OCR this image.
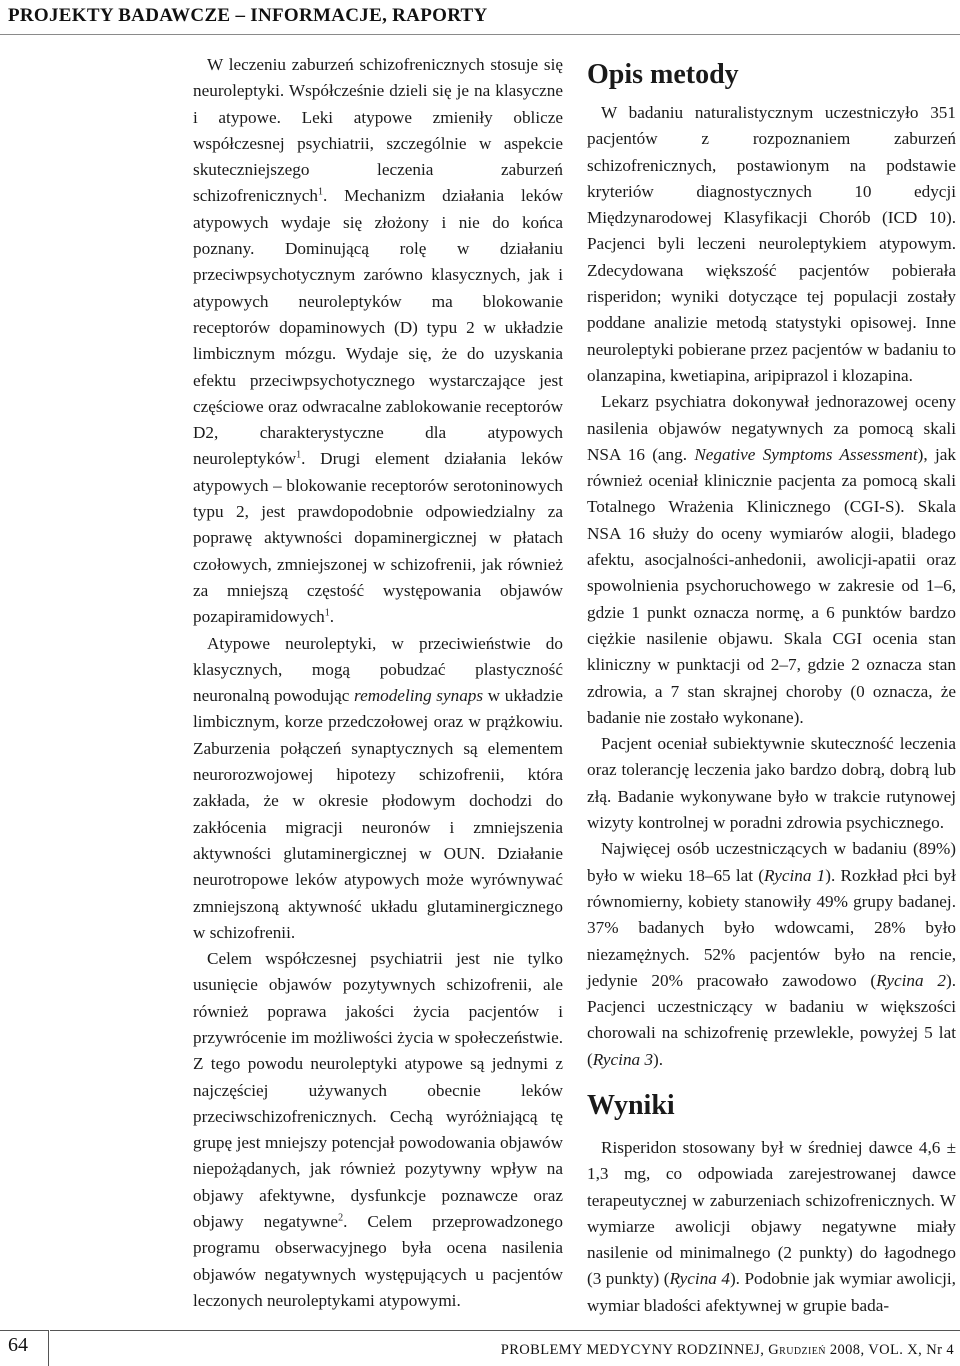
PROJEKTY BADAWCZE – INFORMACJE, RAPORTY

W leczeniu zaburzeń schizofrenicznych stosuje się neuroleptyki. Współcześnie dzieli się je na klasyczne i atypowe. Leki atypowe zmieniły oblicze współczesnej psychiatrii, szczególnie w aspekcie skuteczniejszego leczenia zaburzeń schizofrenicznych$^1$. Mechanizm działania leków atypowych wydaje się złożony i nie do końca poznany. Dominującą rolę w działaniu przeciwpsychotycznym zarówno klasycznych, jak i atypowych neuroleptyków ma blokowanie receptorów dopaminowych (D) typu 2 w układzie limbicznym mózgu. Wydaje się, że do uzyskania efektu przeciwpsychotycznego wystarczające jest częściowe oraz odwracalne zablokowanie receptorów D2, charakterystyczne dla atypowych neuroleptyków$^1$. Drugi element działania leków atypowych – blokowanie receptorów serotoninowych typu 2, jest prawdopodobnie odpowiedzialny za poprawę aktywności dopaminergicznej w płatach czołowych, zmniejszonej w schizofrenii, jak również za mniejszą częstość występowania objawów pozapiramidowych$^1$.

Atypowe neuroleptyki, w przeciwieństwie do klasycznych, mogą pobudzać plastyczność neuronalną powodując remodeling synaps w układzie limbicznym, korze przedczołowej oraz w prążkowiu. Zaburzenia połączeń synaptycznych są elementem neurorozwojowej hipotezy schizofrenii, która zakłada, że w okresie płodowym dochodzi do zakłócenia migracji neuronów i zmniejszenia aktywności glutaminergicznej w OUN. Działanie neurotropowe leków atypowych może wyrównywać zmniejszoną aktywność układu glutaminergicznego w schizofrenii.

Celem współczesnej psychiatrii jest nie tylko usunięcie objawów pozytywnych schizofrenii, ale również poprawa jakości życia pacjentów i przywrócenie im możliwości życia w społeczeństwie. Z tego powodu neuroleptyki atypowe są jednymi z najczęściej używanych obecnie leków przeciwschizofrenicznych. Cechą wyróżniającą tę grupę jest mniejszy potencjał powodowania objawów niepożądanych, jak również pozytywny wpływ na objawy afektywne, dysfunkcje poznawcze oraz objawy negatywne$^2$. Celem przeprowadzonego programu obserwacyjnego była ocena nasilenia objawów negatywnych występujących u pacjentów leczonych neuroleptykami atypowymi.

Opis metody

W badaniu naturalistycznym uczestniczyło 351 pacjentów z rozpoznaniem zaburzeń schizofrenicznych, postawionym na podstawie kryteriów diagnostycznych 10 edycji Międzynarodowej Klasyfikacji Chorób (ICD 10). Pacjenci byli leczeni neuroleptykiem atypowym. Zdecydowana większość pacjentów pobierała risperidon; wyniki dotyczące tej populacji zostały poddane analizie metodą statystyki opisowej. Inne neuroleptyki pobierane przez pacjentów w badaniu to olanzapina, kwetiapina, aripiprazol i klozapina.

Lekarz psychiatra dokonywał jednorazowej oceny nasilenia objawów negatywnych za pomocą skali NSA 16 (ang. Negative Symptoms Assessment), jak również oceniał klinicznie pacjenta za pomocą skali Totalnego Wrażenia Klinicznego (CGI-S). Skala NSA 16 służy do oceny wymiarów alogii, bladego afektu, asocjalności-anhedonii, awolicji-apatii oraz spowolnienia psychoruchowego w zakresie od 1–6, gdzie 1 punkt oznacza normę, a 6 punktów bardzo ciężkie nasilenie objawu. Skala CGI ocenia stan kliniczny w punktacji od 2–7, gdzie 2 oznacza stan zdrowia, a 7 stan skrajnej choroby (0 oznacza, że badanie nie zostało wykonane).

Pacjent oceniał subiektywnie skuteczność leczenia oraz tolerancję leczenia jako bardzo dobrą, dobrą lub złą. Badanie wykonywane było w trakcie rutynowej wizyty kontrolnej w poradni zdrowia psychicznego.

Najwięcej osób uczestniczących w badaniu (89%) było w wieku 18–65 lat (Rycina 1). Rozkład płci był równomierny, kobiety stanowiły 49% grupy badanej. 37% badanych było wdowcami, 28% było niezamężnych. 52% pacjentów było na rencie, jedynie 20% pracowało zawodowo (Rycina 2). Pacjenci uczestniczący w badaniu w większości chorowali na schizofrenię przewlekle, powyżej 5 lat (Rycina 3).

Wyniki

Risperidon stosowany był w średniej dawce 4,6 ± 1,3 mg, co odpowiada zarejestrowanej dawce terapeutycznej w zaburzeniach schizofrenicznych. W wymiarze awolicji objawy negatywne miały nasilenie od minimalnego (2 punkty) do łagodnego (3 punkty) (Rycina 4). Podobnie jak wymiar awolicji, wymiar bladości afektywnej w grupie bada-

64	PROBLEMY MEDYCYNY RODZINNEJ, Grudzień 2008, VOL. X, Nr 4
